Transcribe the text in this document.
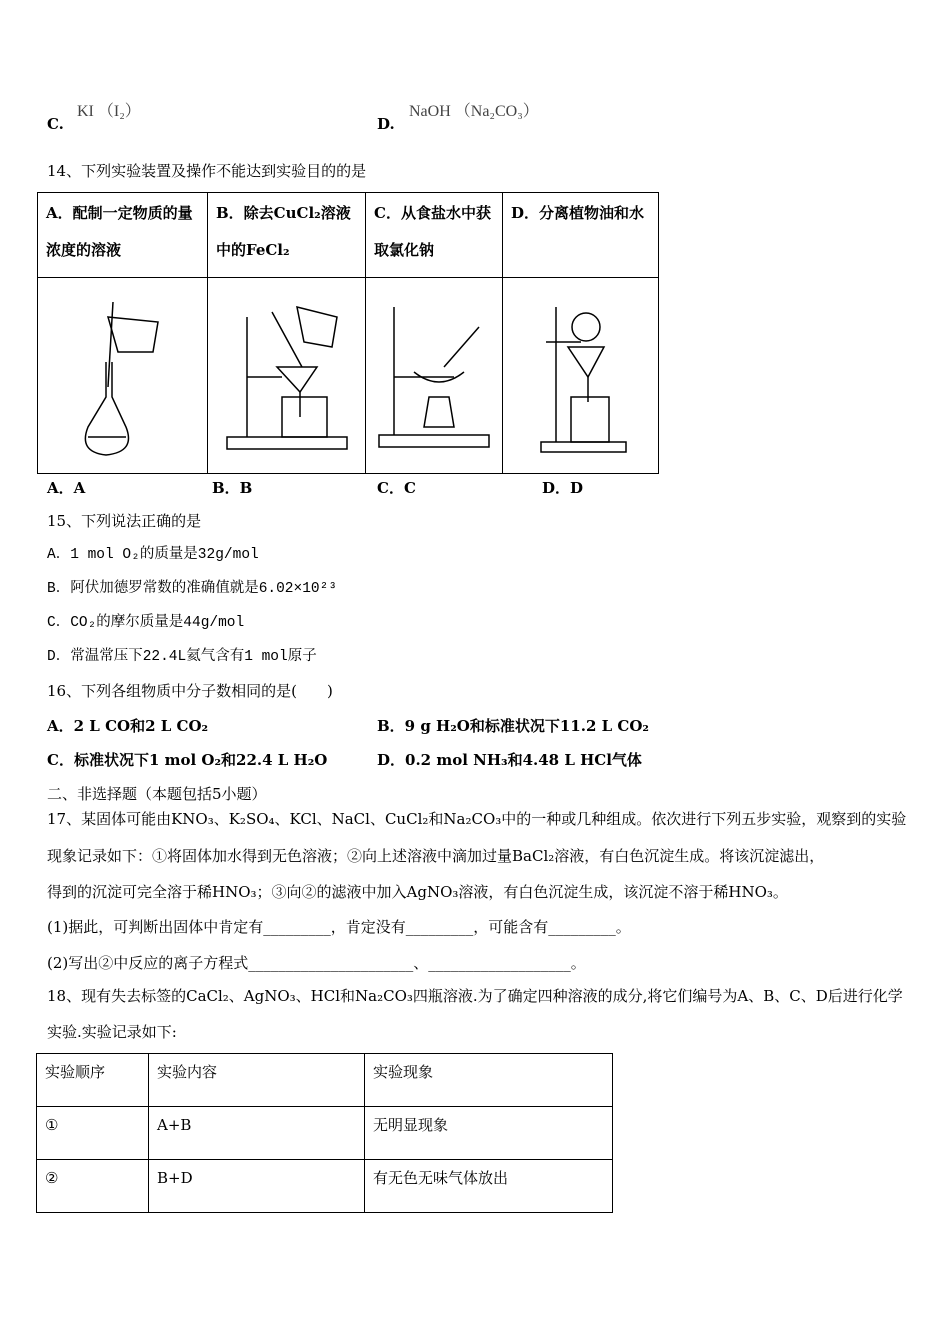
C.
KI （I₂）
D.
NaOH （Na₂CO₃）
14、下列实验装置及操作不能达到实验目的的是
A．配制一定物质的量浓度的溶液	B．除去CuCl₂溶液中的FeCl₂	C．从食盐水中获取氯化钠	D．分离植物油和水

A．A	B．B	C．C	D．D
15、下列说法正确的是
A．1 mol O₂的质量是32g/mol
B．阿伏加德罗常数的准确值就是6.02×10²³
C．CO₂的摩尔质量是44g/mol
D．常温常压下22.4L氦气含有1 mol原子
16、下列各组物质中分子数相同的是(　　)
A．2 L CO和2 L CO₂	B．9 g H₂O和标准状况下11.2 L CO₂
C．标准状况下1 mol O₂和22.4 L H₂O	D．0.2 mol NH₃和4.48 L HCl气体
二、非选择题（本题包括5小题）
17、某固体可能由KNO₃、K₂SO₄、KCl、NaCl、CuCl₂和Na₂CO₃中的一种或几种组成。依次进行下列五步实验，观察到的实验
现象记录如下：①将固体加水得到无色溶液；②向上述溶液中滴加过量BaCl₂溶液，有白色沉淀生成。将该沉淀滤出，
得到的沉淀可完全溶于稀HNO₃；③向②的滤液中加入AgNO₃溶液，有白色沉淀生成，该沉淀不溶于稀HNO₃。
(1)据此，可判断出固体中肯定有_________，肯定没有_________，可能含有_________。
(2)写出②中反应的离子方程式______________________、___________________。
18、现有失去标签的CaCl₂、AgNO₃、HCl和Na₂CO₃四瓶溶液.为了确定四种溶液的成分,将它们编号为A、B、C、D后进行化学
实验.实验记录如下:
实验顺序	实验内容	实验现象
①	A+B	无明显现象
②	B+D	有无色无味气体放出
